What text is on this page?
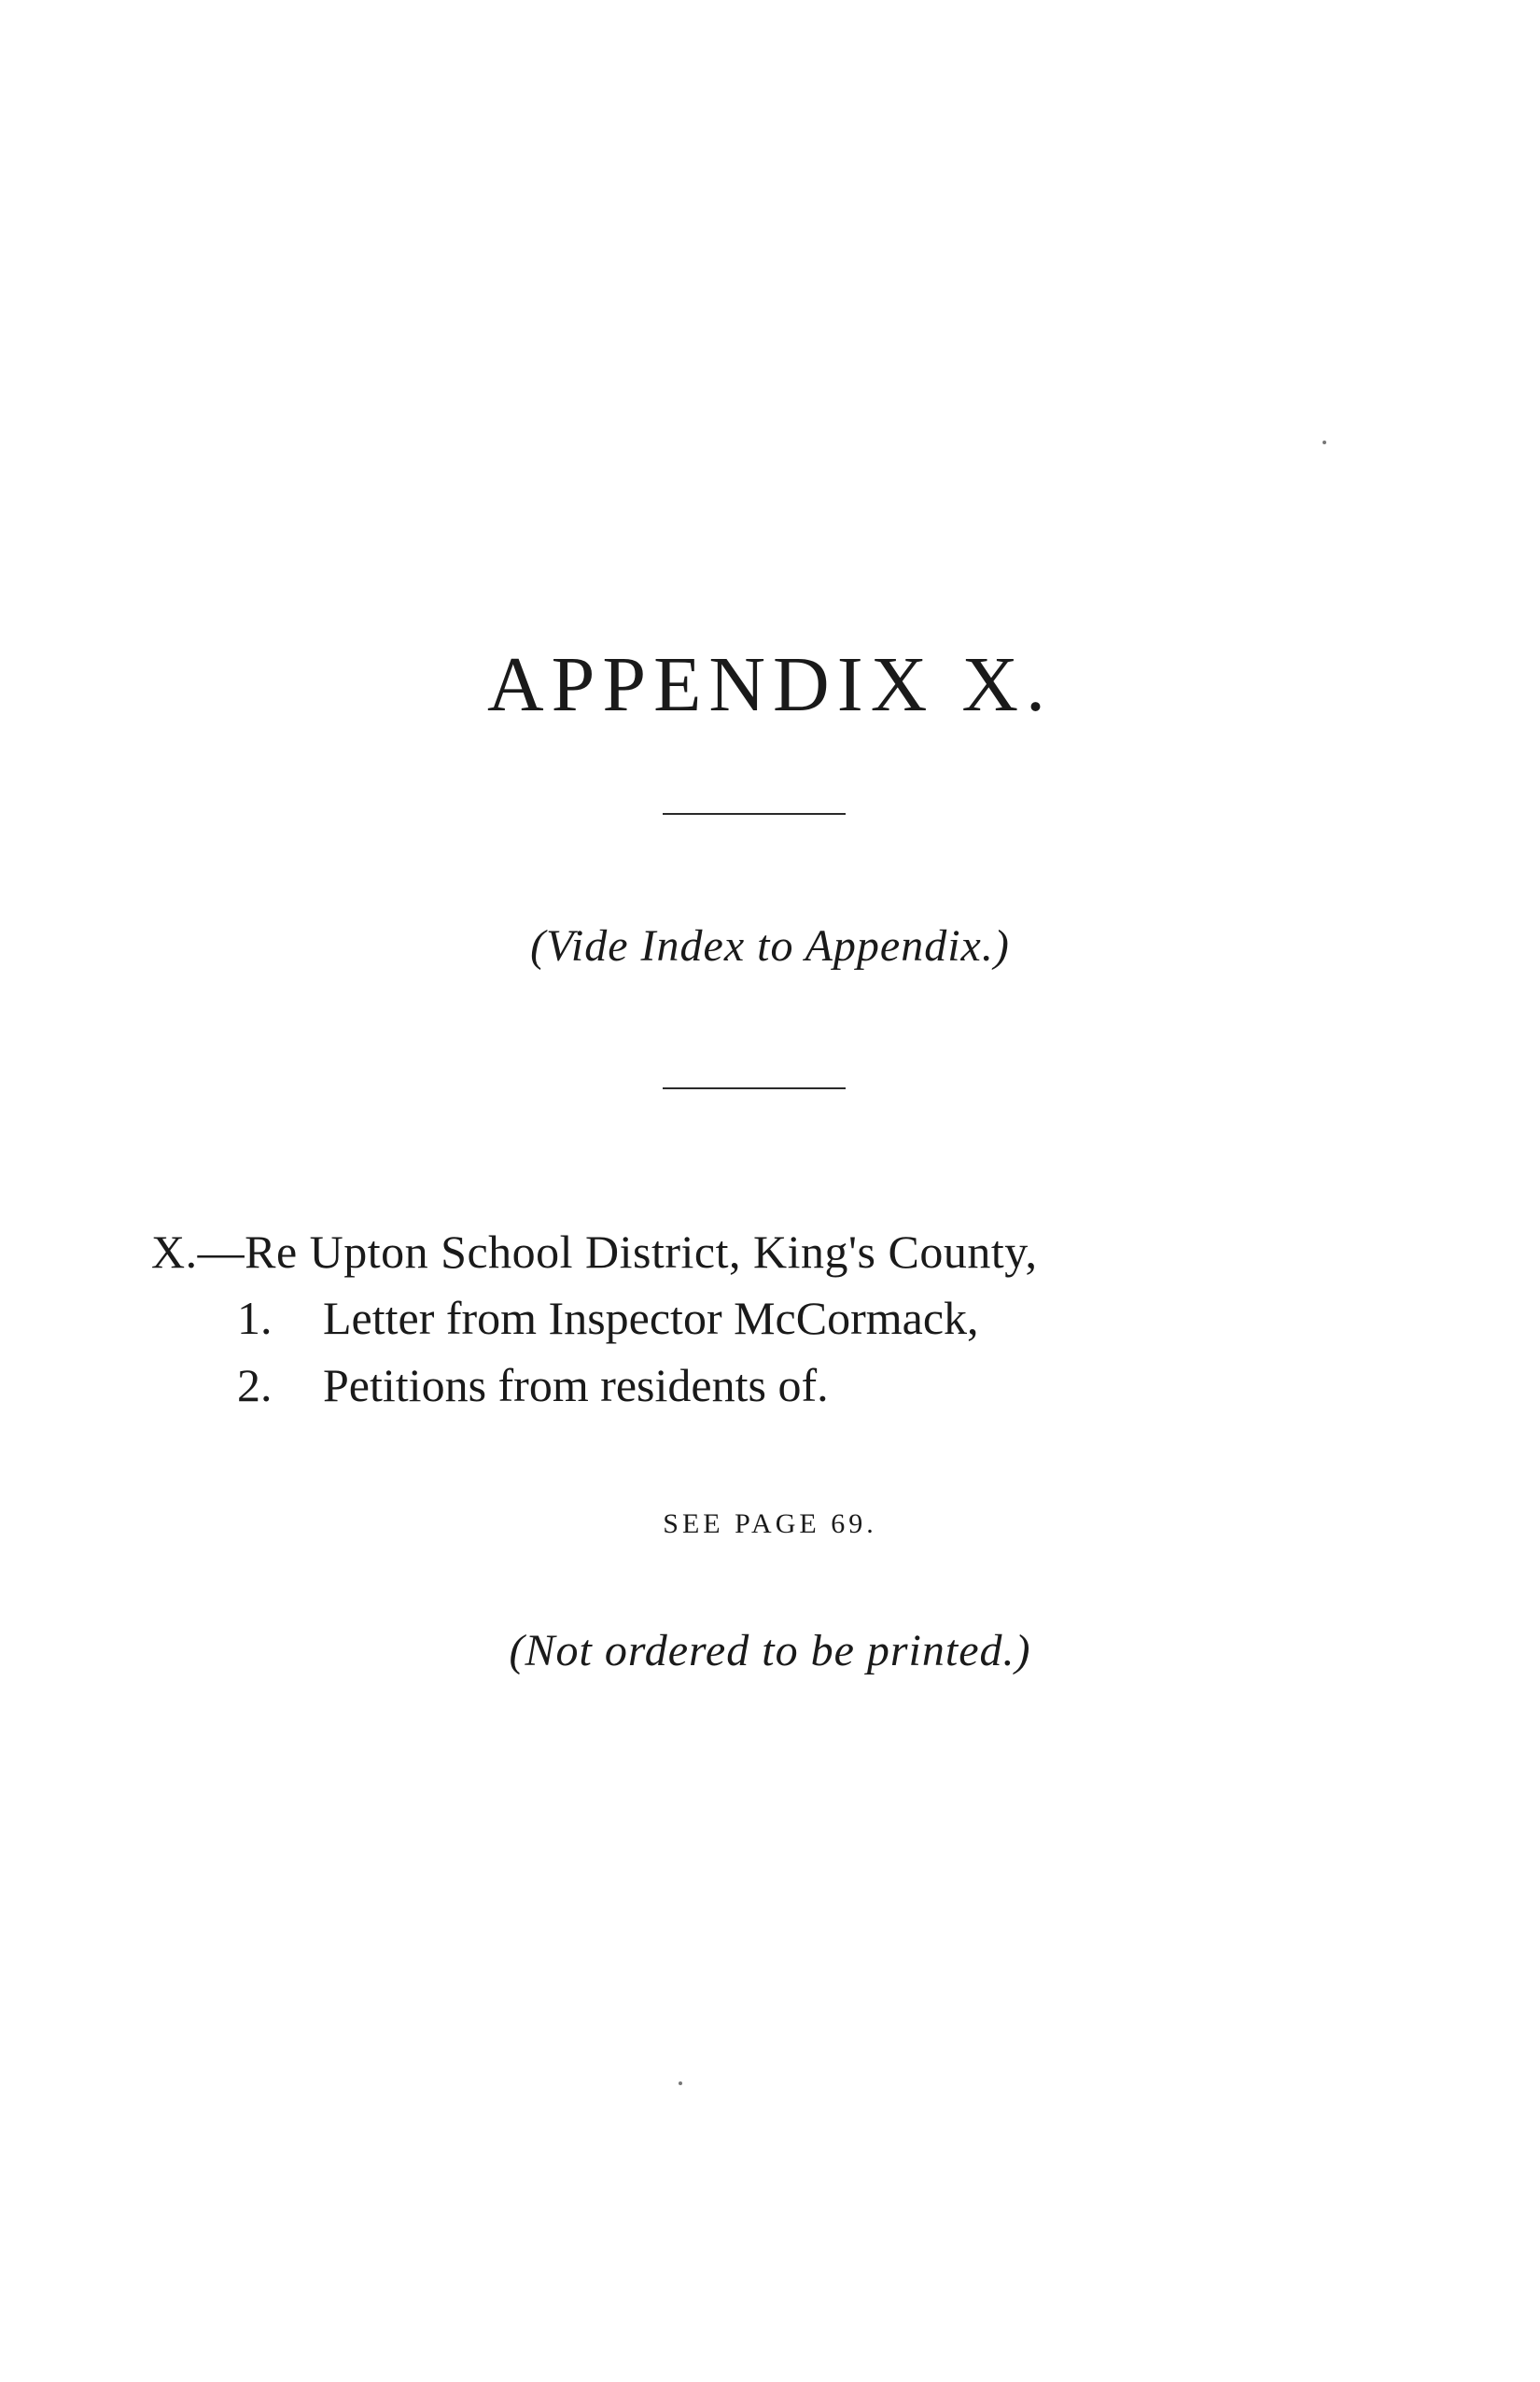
APPENDIX X.
(Vide Index to Appendix.)
X.—Re Upton School District, King's County,
1. Letter from Inspector McCormack,
2. Petitions from residents of.
SEE PAGE 69.
(Not ordered to be printed.)
